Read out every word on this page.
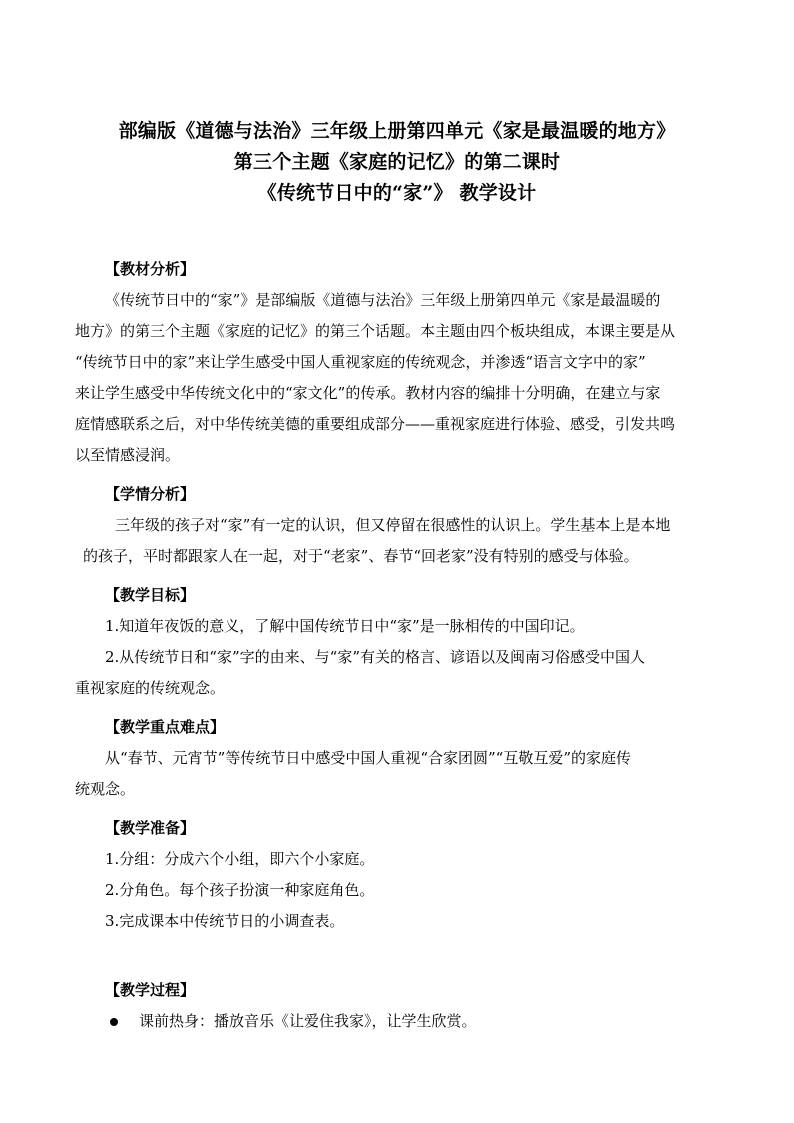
部编版《道德与法治》三年级上册第四单元《家是最温暖的地方》
第三个主题《家庭的记忆》的第二课时
《传统节日中的“家”》 教学设计
【教材分析】

《传统节日中的“家”》是部编版《道德与法治》三年级上册第四单元《家是最温暖的

地方》的第三个主题《家庭的记忆》的第三个话题。本主题由四个板块组成，本课主要是从

“传统节日中的家”来让学生感受中国人重视家庭的传统观念，并渗透“语言文字中的家”

来让学生感受中华传统文化中的“家文化”的传承。教材内容的编排十分明确，在建立与家

庭情感联系之后，对中华传统美德的重要组成部分——重视家庭进行体验、感受，引发共鸣

以至情感浸润。

【学情分析】

三年级的孩子对“家”有一定的认识，但又停留在很感性的认识上。学生基本上是本地

的孩子，平时都跟家人在一起，对于“老家”、春节“回老家”没有特别的感受与体验。

【教学目标】

1.知道年夜饭的意义，了解中国传统节日中“家”是一脉相传的中国印记。

2.从传统节日和“家”字的由来、与“家”有关的格言、谚语以及闽南习俗感受中国人

重视家庭的传统观念。

【教学重点难点】

从“春节、元宵节”等传统节日中感受中国人重视“合家团圆”“互敬互爱”的家庭传

统观念。

【教学准备】

1.分组：分成六个小组，即六个小家庭。

2.分角色。每个孩子扮演一种家庭角色。

3.完成课本中传统节日的小调查表。

【教学过程】
课前热身：播放音乐《让爱住我家》，让学生欣赏。
